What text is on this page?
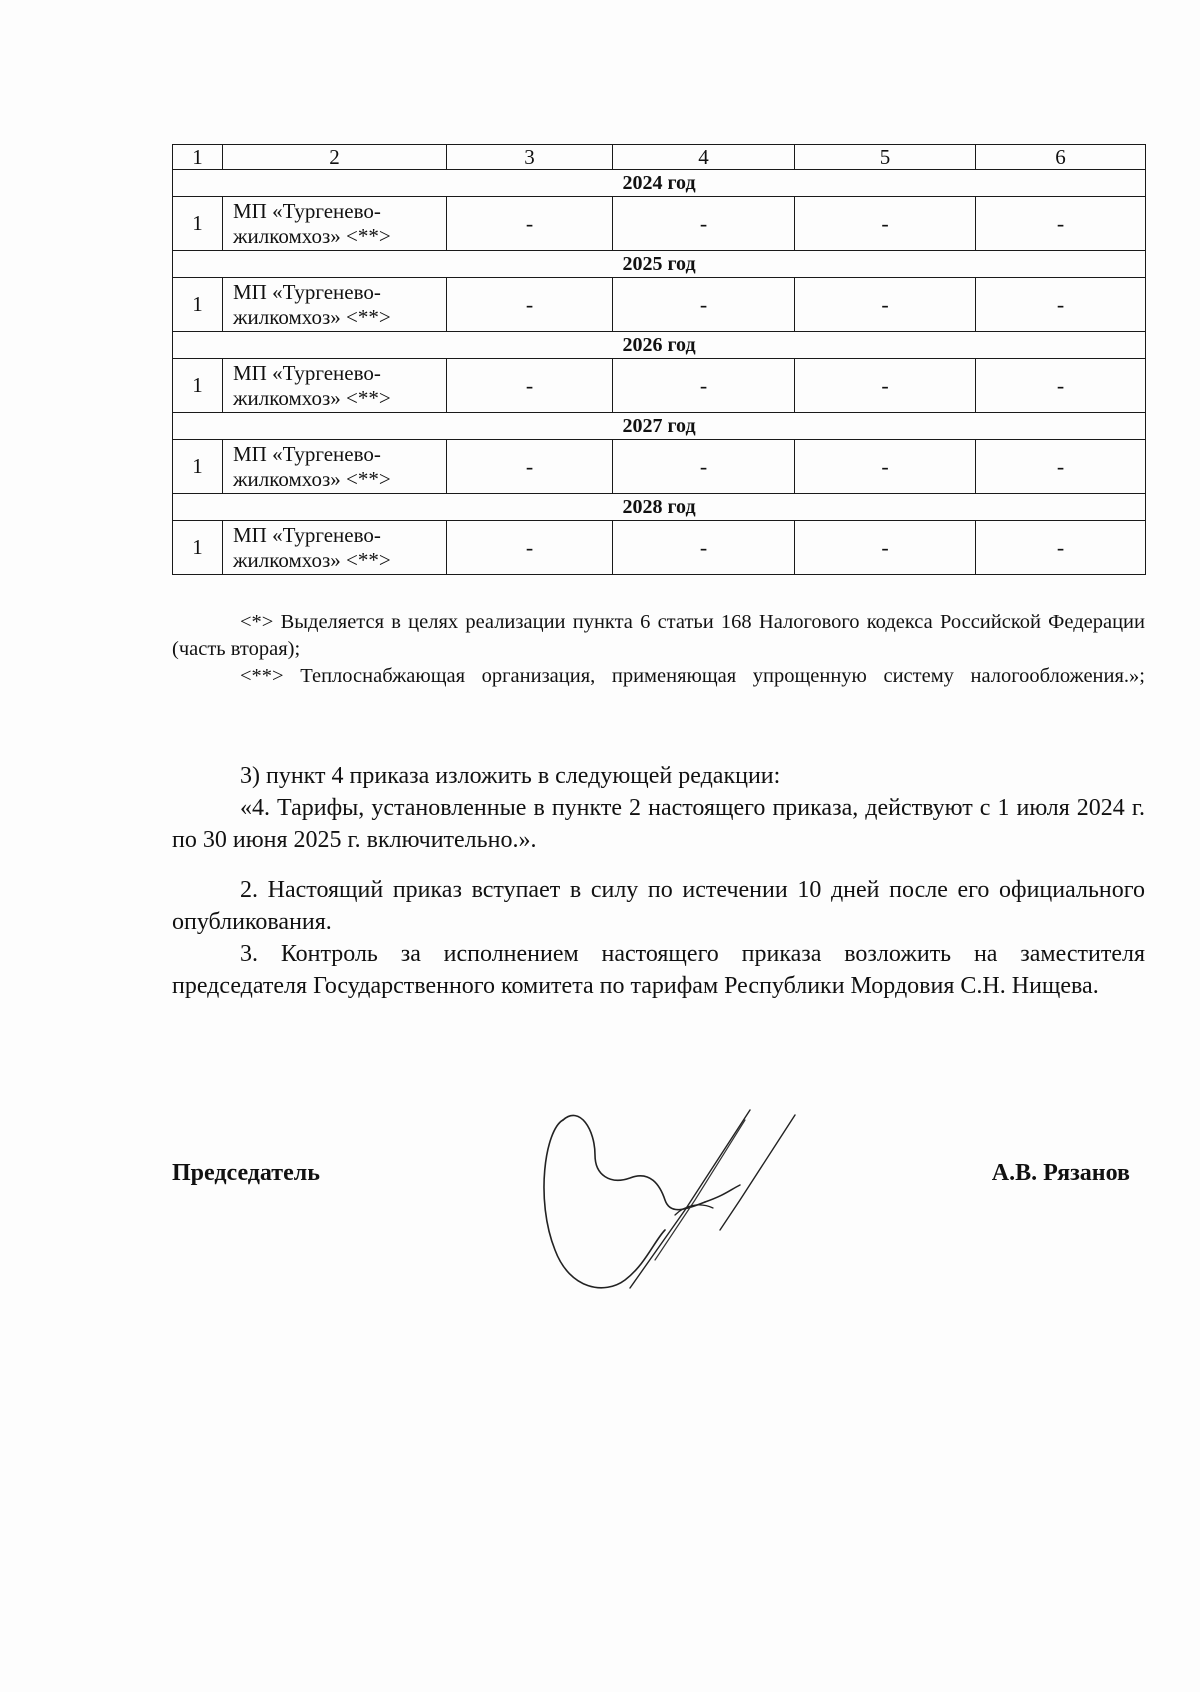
1	2	3	4	5	6
2024 год					
1	МП «Тургенево-
жилкомхоз» <**>	-	-	-	-
2025 год					
1	МП «Тургенево-
жилкомхоз» <**>	-	-	-	-
2026 год					
1	МП «Тургенево-
жилкомхоз» <**>	-	-	-	-
2027 год					
1	МП «Тургенево-
жилкомхоз» <**>	-	-	-	-
2028 год					
1	МП «Тургенево-
жилкомхоз» <**>	-	-	-	-

<*> Выделяется в целях реализации пункта 6 статьи 168 Налогового кодекса Российской Федерации (часть вторая);

<**> Теплоснабжающая организация, применяющая упрощенную систему налогообложения.»;

3) пункт 4 приказа изложить в следующей редакции:

«4. Тарифы, установленные в пункте 2 настоящего приказа, действуют с 1 июля 2024 г. по 30 июня 2025 г. включительно.».

2. Настоящий приказ вступает в силу по истечении 10 дней после его официального опубликования.

3. Контроль за исполнением настоящего приказа возложить на заместителя председателя Государственного комитета по тарифам Республики Мордовия С.Н. Нищева.

Председатель	А.В. Рязанов
